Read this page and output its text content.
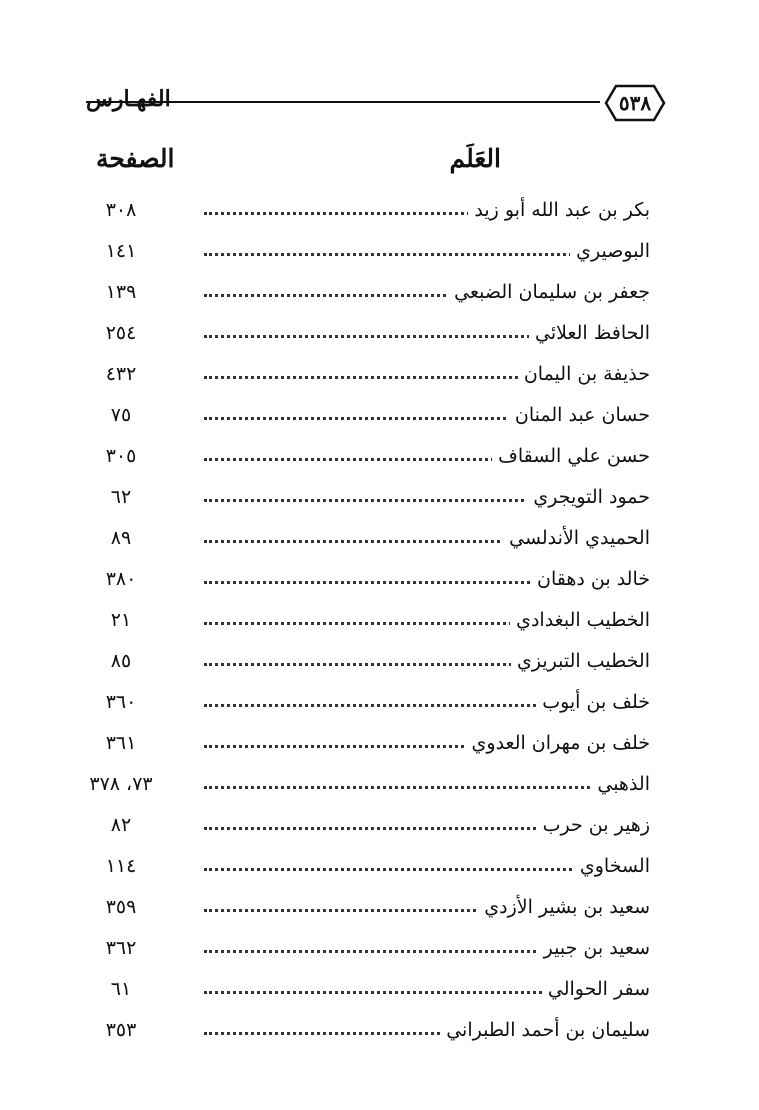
الفهـارس	٥٣٨
العَلَم
الصفحة
بكر بن عبد الله أبو زيد
٣٠٨
البوصيري
١٤١
جعفر بن سليمان الضبعي
١٣٩
الحافظ العلائي
٢٥٤
حذيفة بن اليمان
٤٣٢
حسان عبد المنان
٧٥
حسن علي السقاف
٣٠٥
حمود التويجري
٦٢
الحميدي الأندلسي
٨٩
خالد بن دهقان
٣٨٠
الخطيب البغدادي
٢١
الخطيب التبريزي
٨٥
خلف بن أيوب
٣٦٠
خلف بن مهران العدوي
٣٦١
الذهبي
٧٣، ٣٧٨
زهير بن حرب
٨٢
السخاوي
١١٤
سعيد بن بشير الأزدي
٣٥٩
سعيد بن جبير
٣٦٢
سفر الحوالي
٦١
سليمان بن أحمد الطبراني
٣٥٣
